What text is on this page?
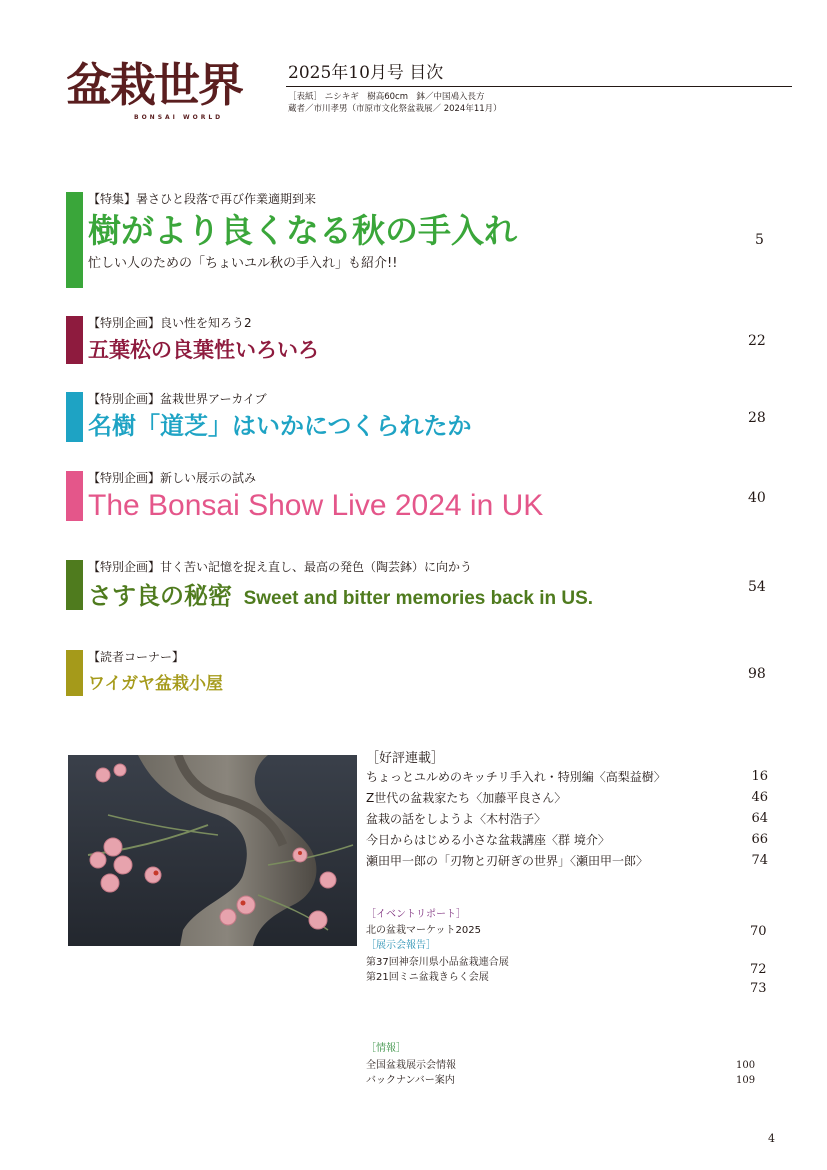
盆栽世界
BONSAI WORLD
2025年10月号 目次
［表紙］ ニシキギ　樹高60cm　鉢／中国鳰入長方
蔵者／市川孝男（市原市文化祭盆栽展／ 2024年11月）
【特集】暑さひと段落で再び作業適期到来
樹がより良くなる秋の手入れ
忙しい人のための「ちょいユル秋の手入れ」も紹介!!
5
【特別企画】良い性を知ろう2
五葉松の良葉性いろいろ	22
【特別企画】盆栽世界アーカイブ
名樹「道芝」はいかにつくられたか	28
【特別企画】新しい展示の試み
The Bonsai Show Live 2024 in UK	40
【特別企画】甘く苦い記憶を捉え直し、最高の発色（陶芸鉢）に向かう
さす良の秘密 Sweet and bitter memories back in US.
54
【読者コーナー】
ワイガヤ盆栽小屋	98
［好評連載］
ちょっとユルめのキッチリ手入れ・特別編〈高梨益樹〉	16
Z世代の盆栽家たち〈加藤平良さん〉	46
盆栽の話をしようよ〈木村浩子〉	64
今日からはじめる小さな盆栽講座〈群 境介〉	66
瀬田甲一郎の「刃物と刃研ぎの世界」〈瀬田甲一郎〉	74
［イベントリポート］
北の盆栽マーケット2025	70
［展示会報告］
第37回神奈川県小品盆栽連合展	72
第21回ミニ盆栽きらく会展
73
［情報］
全国盆栽展示会情報	100
バックナンバー案内	109
4
